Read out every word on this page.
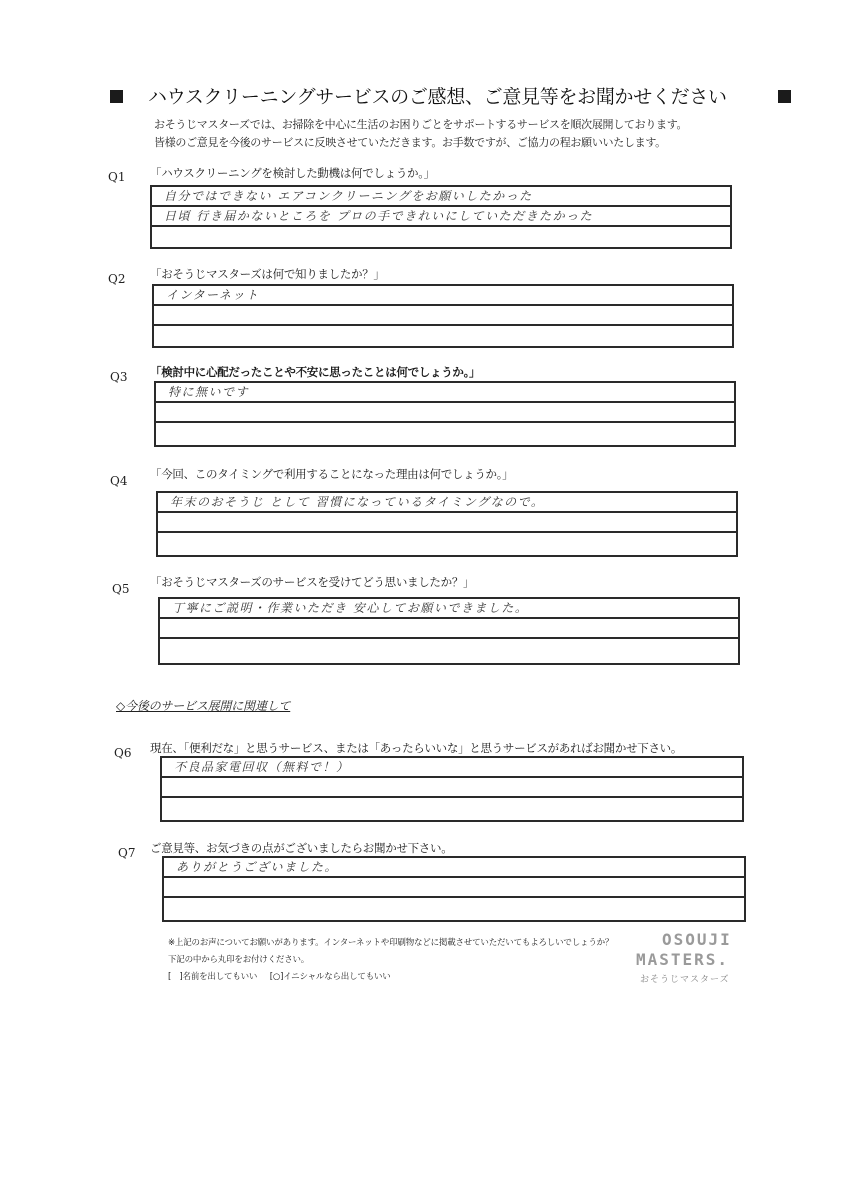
ハウスクリーニングサービスのご感想、ご意見等をお聞かせください
おそうじマスターズでは、お掃除を中心に生活のお困りごとをサポートするサービスを順次展開しております。
皆様のご意見を今後のサービスに反映させていただきます。お手数ですが、ご協力の程お願いいたします。
Q1 「ハウスクリーニングを検討した動機は何でしょうか。」
自分ではできない エアコンクリーニングをお願いしたかった
日頃 行き届かないところを プロの手できれいにしていただきたかった
Q2 「おそうじマスターズは何で知りましたか？」
インターネット
Q3 「検討中に心配だったことや不安に思ったことは何でしょうか。」
特に無いです
Q4 「今回、このタイミングで利用することになった理由は何でしょうか。」
年末のおそうじ として 習慣になっているタイミングなので。
Q5 「おそうじマスターズのサービスを受けてどう思いましたか？」
丁寧にご説明・作業いただき 安心してお願いできました。
◇今後のサービス展開に関連して
Q6 現在、「便利だな」と思うサービス、または「あったらいいな」と思うサービスがあればお聞かせ下さい。
不良品家電回収（無料で！）
Q7 ご意見等、お気づきの点がございましたらお聞かせ下さい。
ありがとうございました。
※上記のお声についてお願いがあります。インターネットや印刷物などに掲載させていただいてもよろしいでしょうか？
下記の中から丸印をお付けください。
[　]名前を出してもいい [○]イニシャルなら出してもいい
OSOUJI
MASTERS.
おそうじマスターズ
